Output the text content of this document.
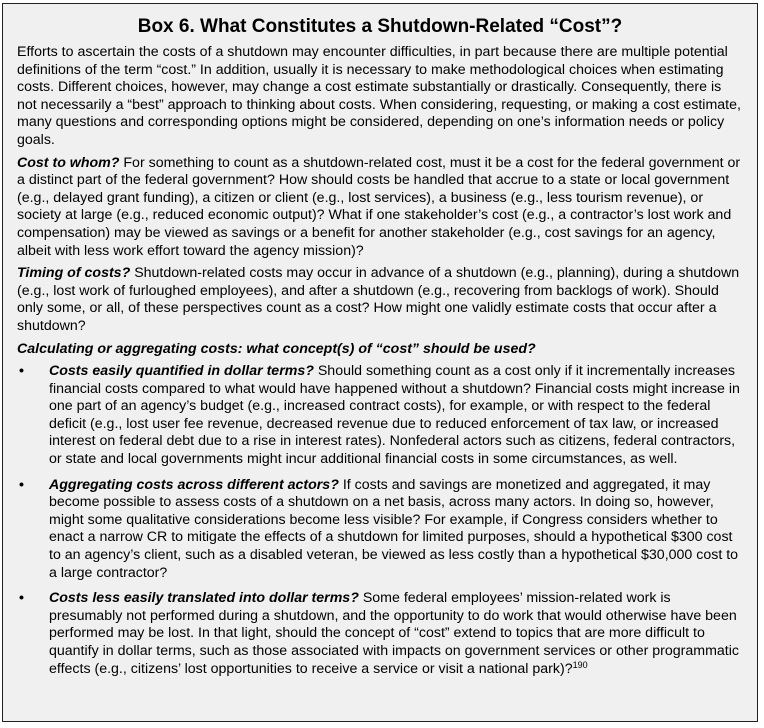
Box 6. What Constitutes a Shutdown-Related “Cost”?

Efforts to ascertain the costs of a shutdown may encounter difficulties, in part because there are multiple potential definitions of the term “cost.” In addition, usually it is necessary to make methodological choices when estimating costs. Different choices, however, may change a cost estimate substantially or drastically. Consequently, there is not necessarily a “best” approach to thinking about costs. When considering, requesting, or making a cost estimate, many questions and corresponding options might be considered, depending on one’s information needs or policy goals.

Cost to whom? For something to count as a shutdown-related cost, must it be a cost for the federal government or a distinct part of the federal government? How should costs be handled that accrue to a state or local government (e.g., delayed grant funding), a citizen or client (e.g., lost services), a business (e.g., less tourism revenue), or society at large (e.g., reduced economic output)? What if one stakeholder’s cost (e.g., a contractor’s lost work and compensation) may be viewed as savings or a benefit for another stakeholder (e.g., cost savings for an agency, albeit with less work effort toward the agency mission)?

Timing of costs? Shutdown-related costs may occur in advance of a shutdown (e.g., planning), during a shutdown (e.g., lost work of furloughed employees), and after a shutdown (e.g., recovering from backlogs of work). Should only some, or all, of these perspectives count as a cost? How might one validly estimate costs that occur after a shutdown?

Calculating or aggregating costs: what concept(s) of “cost” should be used?

• Costs easily quantified in dollar terms? Should something count as a cost only if it incrementally increases financial costs compared to what would have happened without a shutdown? Financial costs might increase in one part of an agency’s budget (e.g., increased contract costs), for example, or with respect to the federal deficit (e.g., lost user fee revenue, decreased revenue due to reduced enforcement of tax law, or increased interest on federal debt due to a rise in interest rates). Nonfederal actors such as citizens, federal contractors, or state and local governments might incur additional financial costs in some circumstances, as well.
• Aggregating costs across different actors? If costs and savings are monetized and aggregated, it may become possible to assess costs of a shutdown on a net basis, across many actors. In doing so, however, might some qualitative considerations become less visible? For example, if Congress considers whether to enact a narrow CR to mitigate the effects of a shutdown for limited purposes, should a hypothetical $300 cost to an agency’s client, such as a disabled veteran, be viewed as less costly than a hypothetical $30,000 cost to a large contractor?
• Costs less easily translated into dollar terms? Some federal employees’ mission-related work is presumably not performed during a shutdown, and the opportunity to do work that would otherwise have been performed may be lost. In that light, should the concept of “cost” extend to topics that are more difficult to quantify in dollar terms, such as those associated with impacts on government services or other programmatic effects (e.g., citizens’ lost opportunities to receive a service or visit a national park)?$^{190}$
